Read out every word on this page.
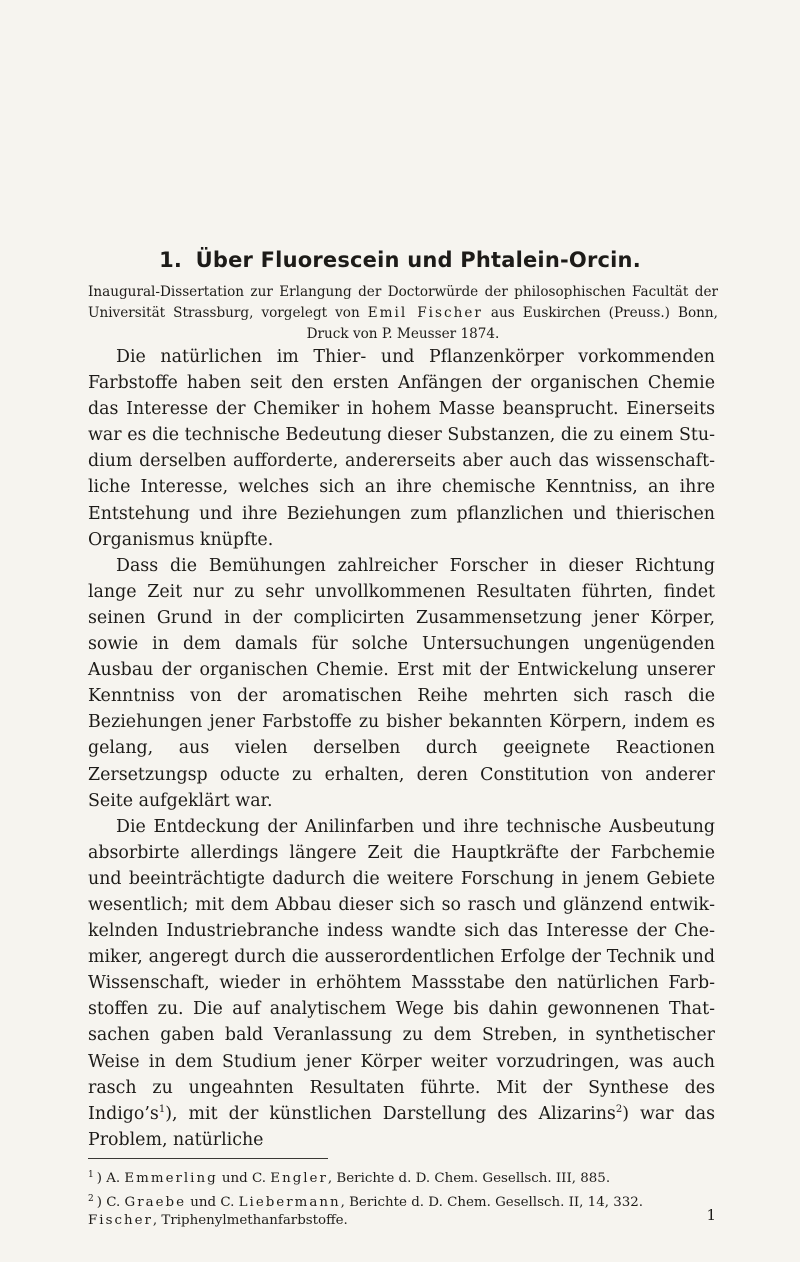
1. Über Fluorescein und Phtalein-Orcin.
Inaugural-Dissertation zur Erlangung der Doctorwürde der philosophischen Facultät der Universität Strassburg, vorgelegt von Emil Fischer aus Euskirchen (Preuss.) Bonn, Druck von P. Meusser 1874.

Die natürlichen im Thier- und Pflanzenkörper vorkommenden Farbstoffe haben seit den ersten Anfängen der organischen Chemie das Interesse der Chemiker in hohem Masse beansprucht. Einerseits war es die technische Bedeutung dieser Substanzen, die zu einem Studium derselben aufforderte, andererseits aber auch das wissenschaftliche Interesse, welches sich an ihre chemische Kenntniss, an ihre Entstehung und ihre Beziehungen zum pflanzlichen und thierischen Organismus knüpfte.

Dass die Bemühungen zahlreicher Forscher in dieser Richtung lange Zeit nur zu sehr unvollkommenen Resultaten führten, findet seinen Grund in der complicirten Zusammensetzung jener Körper, sowie in dem damals für solche Untersuchungen ungenügenden Ausbau der organischen Chemie. Erst mit der Entwickelung unserer Kenntniss von der aromatischen Reihe mehrten sich rasch die Beziehungen jener Farbstoffe zu bisher bekannten Körpern, indem es gelang, aus vielen derselben durch geeignete Reactionen Zersetzungsp oducte zu erhalten, deren Constitution von anderer Seite aufgeklärt war.

Die Entdeckung der Anilinfarben und ihre technische Ausbeutung absorbirte allerdings längere Zeit die Hauptkräfte der Farbchemie und beeinträchtigte dadurch die weitere Forschung in jenem Gebiete wesentlich; mit dem Abbau dieser sich so rasch und glänzend entwikkelnden Industriebranche indess wandte sich das Interesse der Chemiker, angeregt durch die ausserordentlichen Erfolge der Technik und Wissenschaft, wieder in erhöhtem Massstabe den natürlichen Farbstoffen zu. Die auf analytischem Wege bis dahin gewonnenen Thatsachen gaben bald Veranlassung zu dem Streben, in synthetischer Weise in dem Studium jener Körper weiter vorzudringen, was auch rasch zu ungeahnten Resultaten führte. Mit der Synthese des Indigo’s$^1$), mit der künstlichen Darstellung des Alizarins$^2$) war das Problem, natürliche

$^1$ ) A. Emmerling und C. Engler, Berichte d. D. Chem. Gesellsch. III, 885.
$^2$ ) C. Graebe und C. Liebermann, Berichte d. D. Chem. Gesellsch. II, 14, 332.
Fischer, Triphenylmethanfarbstoffe.	1
